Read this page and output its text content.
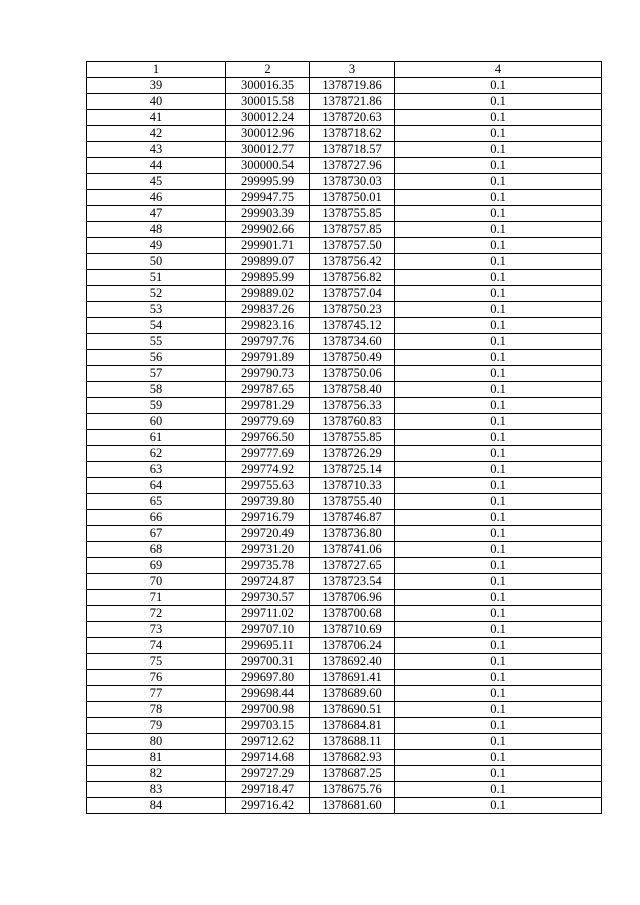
1	2	3	4
39	300016.35	1378719.86	0.1
40	300015.58	1378721.86	0.1
41	300012.24	1378720.63	0.1
42	300012.96	1378718.62	0.1
43	300012.77	1378718.57	0.1
44	300000.54	1378727.96	0.1
45	299995.99	1378730.03	0.1
46	299947.75	1378750.01	0.1
47	299903.39	1378755.85	0.1
48	299902.66	1378757.85	0.1
49	299901.71	1378757.50	0.1
50	299899.07	1378756.42	0.1
51	299895.99	1378756.82	0.1
52	299889.02	1378757.04	0.1
53	299837.26	1378750.23	0.1
54	299823.16	1378745.12	0.1
55	299797.76	1378734.60	0.1
56	299791.89	1378750.49	0.1
57	299790.73	1378750.06	0.1
58	299787.65	1378758.40	0.1
59	299781.29	1378756.33	0.1
60	299779.69	1378760.83	0.1
61	299766.50	1378755.85	0.1
62	299777.69	1378726.29	0.1
63	299774.92	1378725.14	0.1
64	299755.63	1378710.33	0.1
65	299739.80	1378755.40	0.1
66	299716.79	1378746.87	0.1
67	299720.49	1378736.80	0.1
68	299731.20	1378741.06	0.1
69	299735.78	1378727.65	0.1
70	299724.87	1378723.54	0.1
71	299730.57	1378706.96	0.1
72	299711.02	1378700.68	0.1
73	299707.10	1378710.69	0.1
74	299695.11	1378706.24	0.1
75	299700.31	1378692.40	0.1
76	299697.80	1378691.41	0.1
77	299698.44	1378689.60	0.1
78	299700.98	1378690.51	0.1
79	299703.15	1378684.81	0.1
80	299712.62	1378688.11	0.1
81	299714.68	1378682.93	0.1
82	299727.29	1378687.25	0.1
83	299718.47	1378675.76	0.1
84	299716.42	1378681.60	0.1
